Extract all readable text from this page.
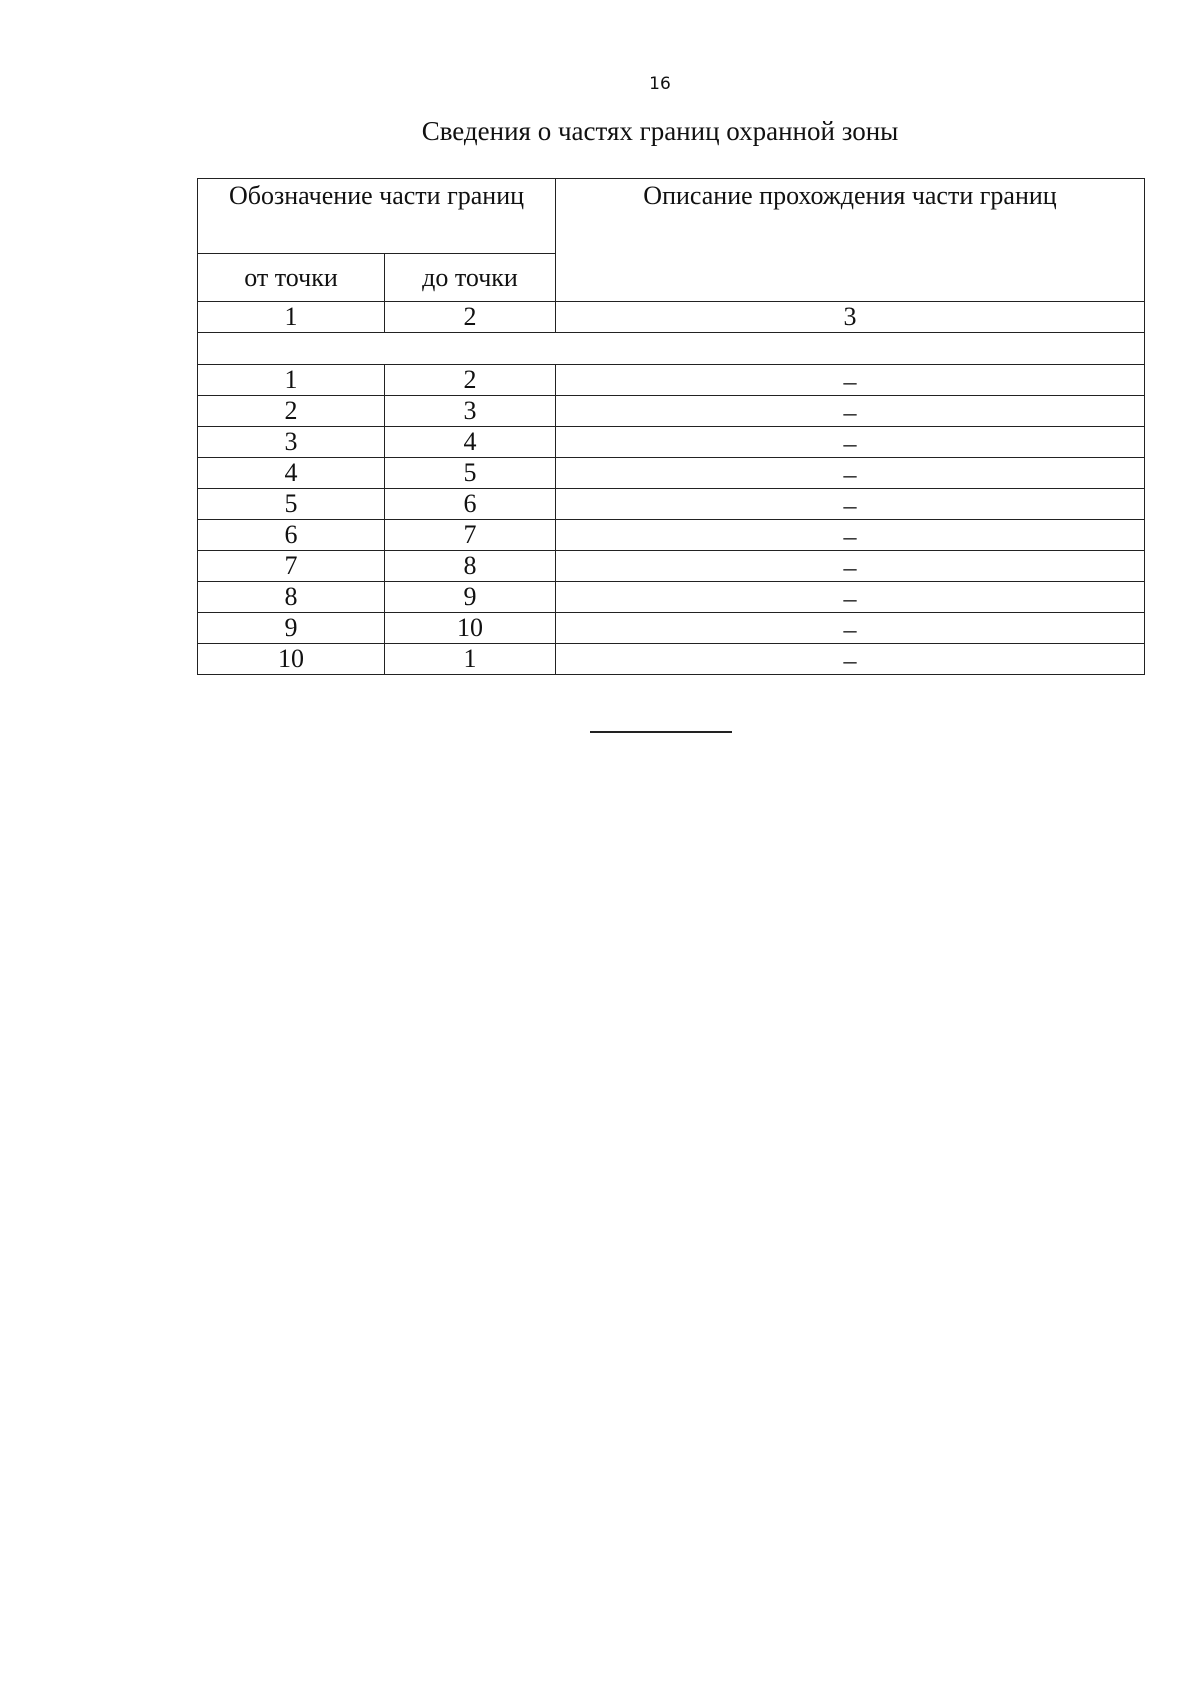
16
Сведения о частях границ охранной зоны
Обозначение части границ		Описание прохождения части границ
от точки	до точки	
1	2	3

1	2	–
2	3	–
3	4	–
4	5	–
5	6	–
6	7	–
7	8	–
8	9	–
9	10	–
10	1	–
